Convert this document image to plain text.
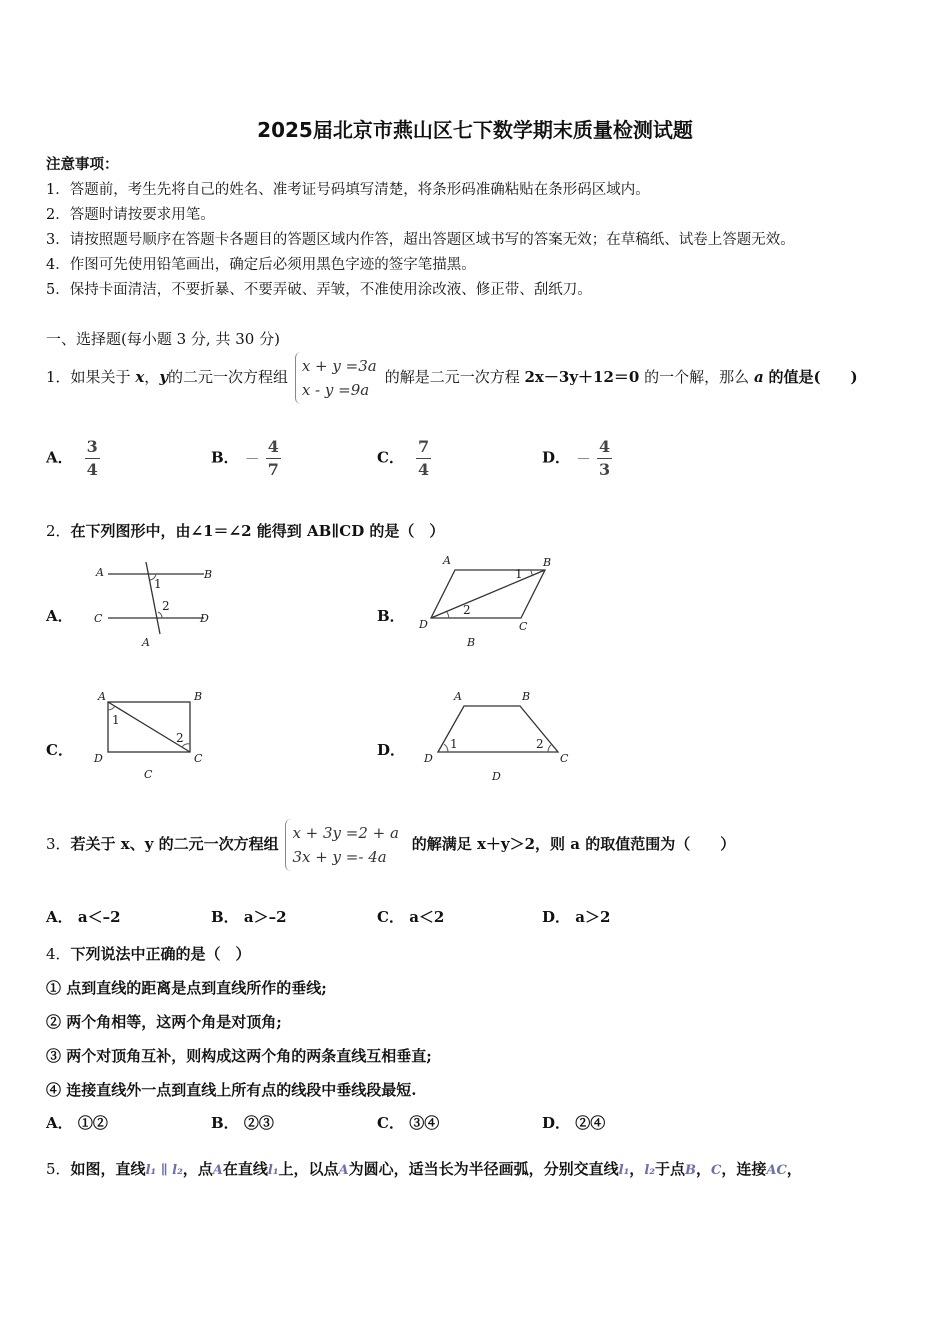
2025届北京市燕山区七下数学期末质量检测试题
注意事项：
1．答题前，考生先将自己的姓名、准考证号码填写清楚，将条形码准确粘贴在条形码区域内。
2．答题时请按要求用笔。
3．请按照题号顺序在答题卡各题目的答题区域内作答，超出答题区域书写的答案无效；在草稿纸、试卷上答题无效。
4．作图可先使用铅笔画出，确定后必须用黑色字迹的签字笔描黑。
5．保持卡面清洁，不要折暴、不要弄破、弄皱，不准使用涂改液、修正带、刮纸刀。
一、选择题(每小题 3 分, 共 30 分)
1．如果关于 x，y的二元一次方程组
x + y =3a
x - y =9a
的解是二元一次方程 2x－3y＋12＝0 的一个解，那么 a 的值是(　　)
A． $\frac{3}{4}$	B． － $\frac{4}{7}$	C． $\frac{7}{4}$	D． － $\frac{4}{3}$
2．在下列图形中，由∠1＝∠2 能得到 AB∥CD 的是（　）
A．
A	B
C	D
1
2
A
B．
A	B
D	C
1
2
B
C．
A	B
D	C
1
2
C
D．
A	B
D	C
1	2
D
3．若关于 x、y 的二元一次方程组
x + 3y =2 + a
3x + y =- 4a
的解满足 x＋y＞2，则 a 的取值范围为（　　）
A． a＜–2	B． a＞–2	C． a＜2	D． a＞2
4．下列说法中正确的是（　）
① 点到直线的距离是点到直线所作的垂线;
② 两个角相等，这两个角是对顶角;
③ 两个对顶角互补，则构成这两个角的两条直线互相垂直;
④ 连接直线外一点到直线上所有点的线段中垂线段最短.
A． ①②	B． ②③	C． ③④	D． ②④
5．如图，直线l₁ ∥ l₂，点A在直线l₁上，以点A为圆心，适当长为半径画弧，分别交直线l₁，l₂于点B，C，连接AC，
